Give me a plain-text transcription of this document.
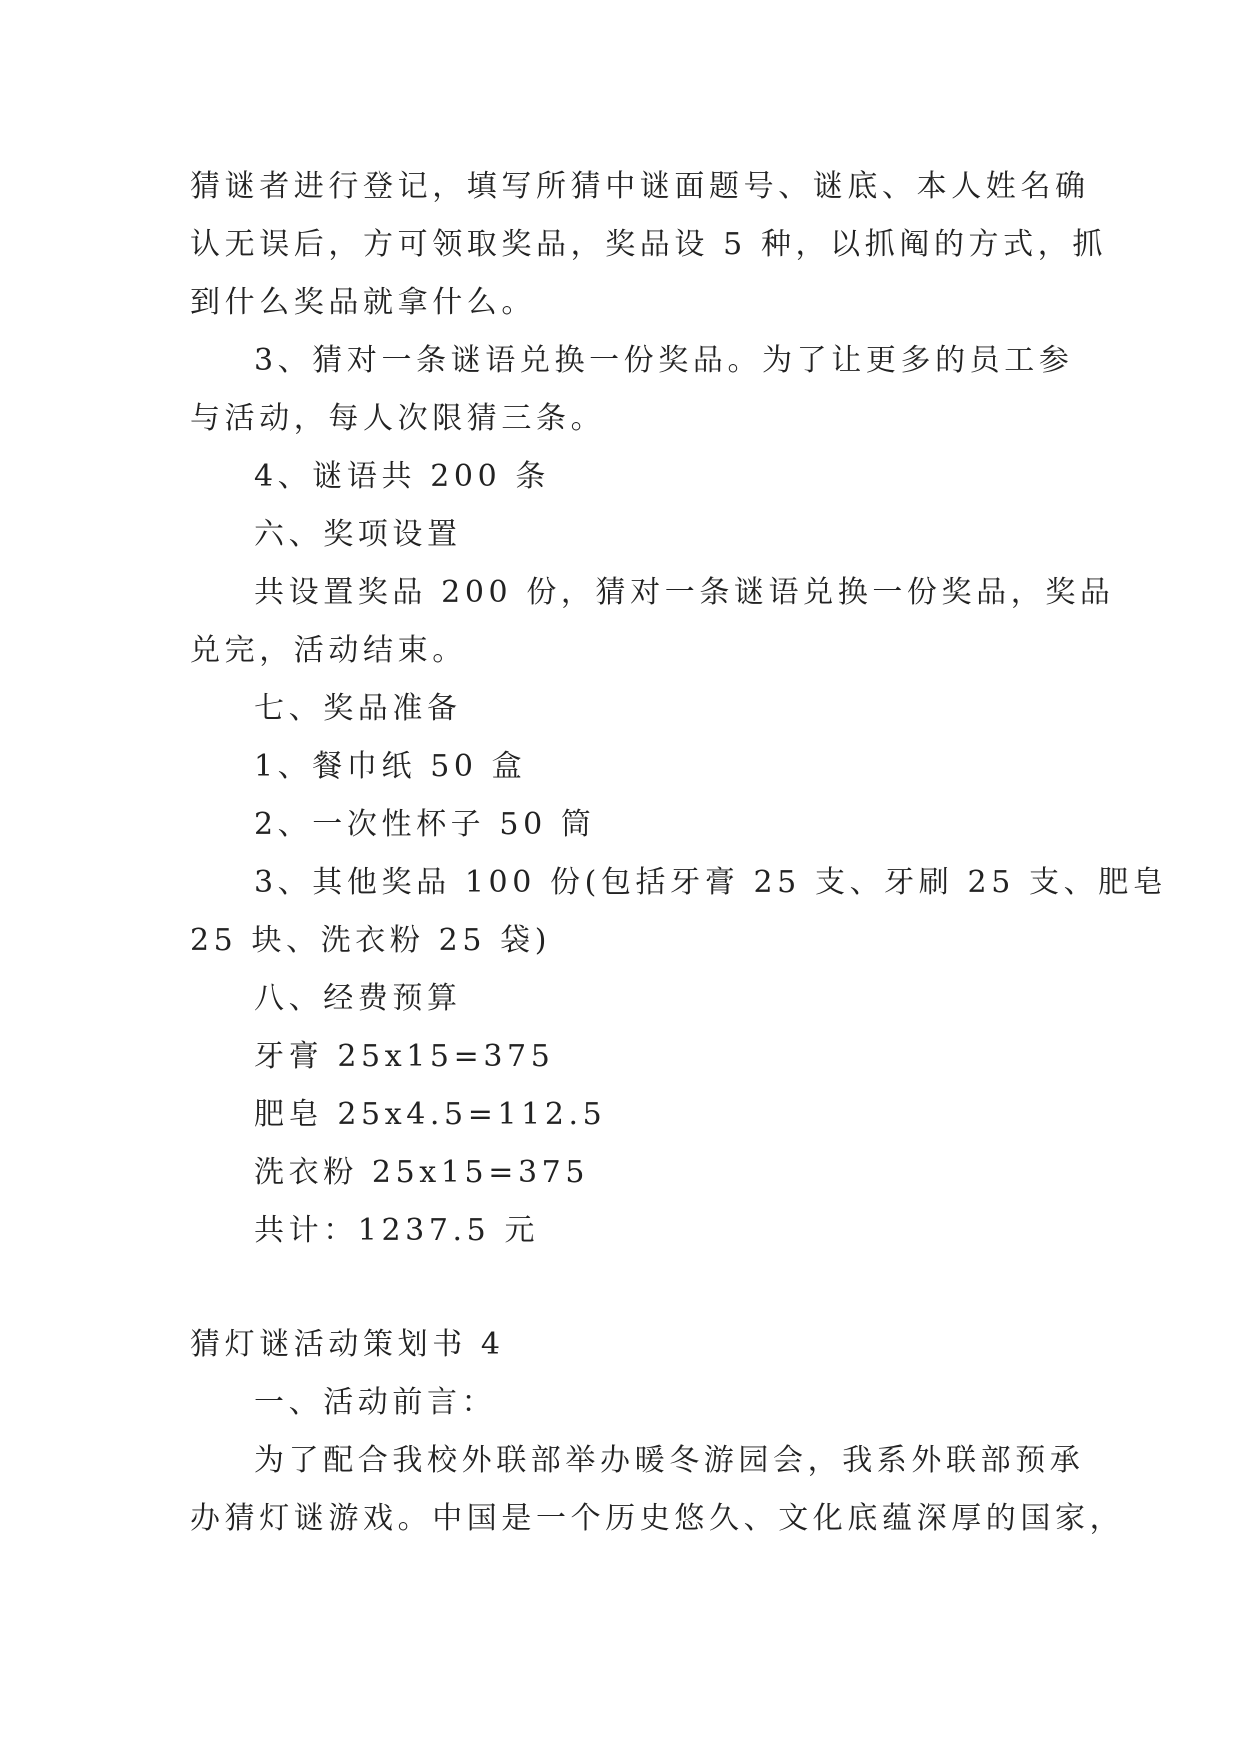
猜谜者进行登记，填写所猜中谜面题号、谜底、本人姓名确
认无误后，方可领取奖品，奖品设 5 种，以抓阄的方式，抓
到什么奖品就拿什么。
3、猜对一条谜语兑换一份奖品。为了让更多的员工参
与活动，每人次限猜三条。
4、谜语共 200 条
六、奖项设置
共设置奖品 200 份，猜对一条谜语兑换一份奖品，奖品
兑完，活动结束。
七、奖品准备
1、餐巾纸 50 盒
2、一次性杯子 50 筒
3、其他奖品 100 份(包括牙膏 25 支、牙刷 25 支、肥皂
25 块、洗衣粉 25 袋)
八、经费预算
牙膏 25x15=375
肥皂 25x4.5=112.5
洗衣粉 25x15=375
共计：1237.5 元
猜灯谜活动策划书 4
一、活动前言：
为了配合我校外联部举办暖冬游园会，我系外联部预承
办猜灯谜游戏。中国是一个历史悠久、文化底蕴深厚的国家，
